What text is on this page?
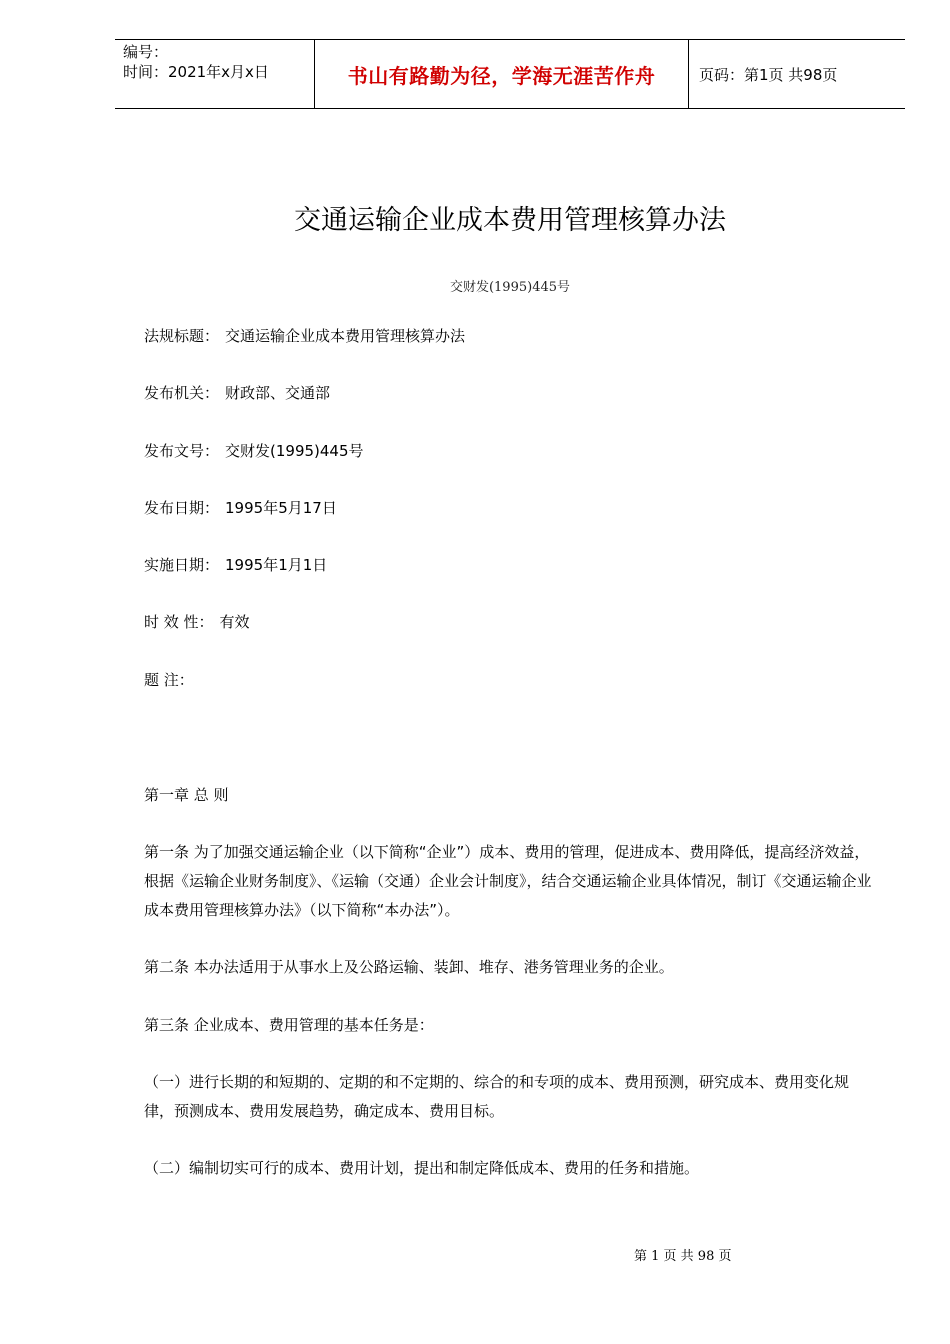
编号：
时间：2021年x月x日	书山有路勤为径，学海无涯苦作舟	页码：第1页 共98页
交通运输企业成本费用管理核算办法
交财发(1995)445号
法规标题： 交通运输企业成本费用管理核算办法
发布机关： 财政部、交通部
发布文号： 交财发(1995)445号
发布日期： 1995年5月17日
实施日期： 1995年1月1日
时 效 性： 有效
题 注：
第一章 总 则
第一条 为了加强交通运输企业（以下简称“企业”）成本、费用的管理，促进成本、费用降低，提高经济效益，根据《运输企业财务制度》、《运输（交通）企业会计制度》，结合交通运输企业具体情况，制订《交通运输企业成本费用管理核算办法》（以下简称“本办法”）。
第二条 本办法适用于从事水上及公路运输、装卸、堆存、港务管理业务的企业。
第三条 企业成本、费用管理的基本任务是：
（一）进行长期的和短期的、定期的和不定期的、综合的和专项的成本、费用预测，研究成本、费用变化规律，预测成本、费用发展趋势，确定成本、费用目标。
（二）编制切实可行的成本、费用计划，提出和制定降低成本、费用的任务和措施。
第 1 页 共 98 页
